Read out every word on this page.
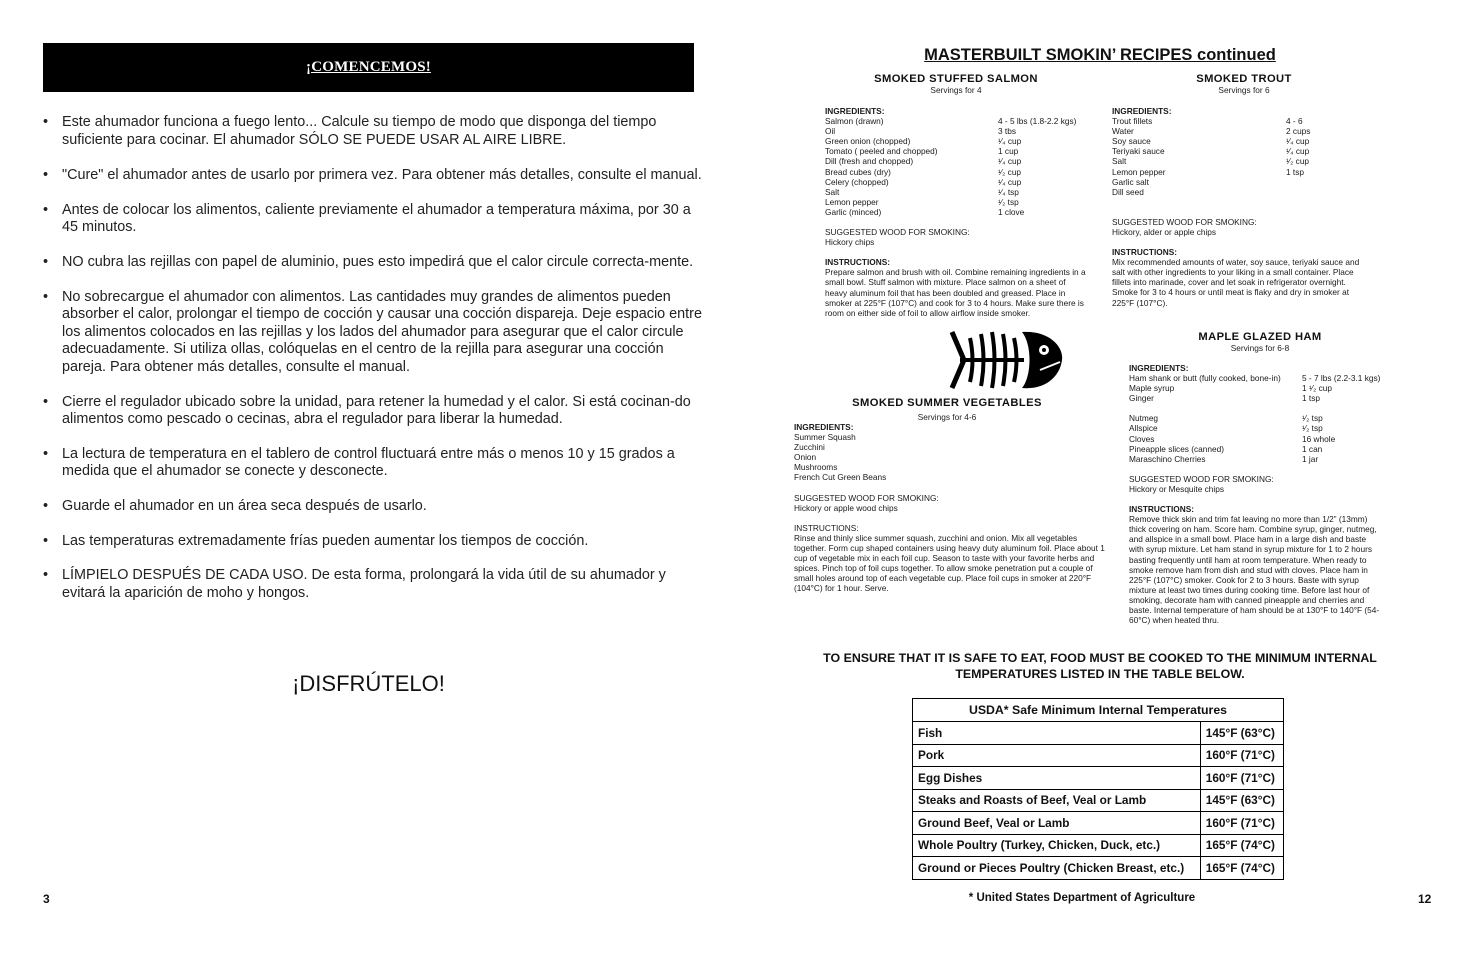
¡COMENCEMOS!
• Este ahumador funciona a fuego lento... Calcule su tiempo de modo que disponga del tiempo suficiente para cocinar. El ahumador SÓLO SE PUEDE USAR AL AIRE LIBRE.
• "Cure" el ahumador antes de usarlo por primera vez. Para obtener más detalles, consulte el manual.
• Antes de colocar los alimentos, caliente previamente el ahumador a temperatura máxima, por 30 a 45 minutos.
• NO cubra las rejillas con papel de aluminio, pues esto impedirá que el calor circule correcta-mente.
• No sobrecargue el ahumador con alimentos. Las cantidades muy grandes de alimentos pueden absorber el calor, prolongar el tiempo de cocción y causar una cocción dispareja. Deje espacio entre los alimentos colocados en las rejillas y los lados del ahumador para asegurar que el calor circule adecuadamente. Si utiliza ollas, colóquelas en el centro de la rejilla para asegurar una cocción pareja. Para obtener más detalles, consulte el manual.
• Cierre el regulador ubicado sobre la unidad, para retener la humedad y el calor. Si está cocinan-do alimentos como pescado o cecinas, abra el regulador para liberar la humedad.
• La lectura de temperatura en el tablero de control fluctuará entre más o menos 10 y 15 grados a medida que el ahumador se conecte y desconecte.
• Guarde el ahumador en un área seca después de usarlo.
• Las temperaturas extremadamente frías pueden aumentar los tiempos de cocción.
• LÍMPIELO DESPUÉS DE CADA USO. De esta forma, prolongará la vida útil de su ahumador y evitará la aparición de moho y hongos.
¡DISFRÚTELO!
3
MASTERBUILT SMOKIN’ RECIPES continued
SMOKED STUFFED SALMON
Servings for 4
INGREDIENTS:
Salmon (drawn)	4 - 5 lbs (1.8-2.2 kgs)
Oil	3 tbs
Green onion (chopped)	¹⁄₄ cup
Tomato ( peeled and chopped)	1 cup
Dill (fresh and chopped)	¹⁄₄ cup
Bread cubes (dry)	¹⁄₂ cup
Celery (chopped)	¹⁄₄ cup
Salt	¹⁄₄ tsp
Lemon pepper	¹⁄₂ tsp
Garlic (minced)	1 clove
SUGGESTED WOOD FOR SMOKING:
Hickory chips
INSTRUCTIONS:
Prepare salmon and brush with oil. Combine remaining ingredients in a small bowl. Stuff salmon with mixture. Place salmon on a sheet of heavy aluminum foil that has been doubled and greased. Place in smoker at 225°F (107°C) and cook for 3 to 4 hours. Make sure there is room on either side of foil to allow airflow inside smoker.
SMOKED TROUT
Servings for 6
INGREDIENTS:
Trout fillets	4 - 6
Water	2 cups
Soy sauce	¹⁄₄ cup
Teriyaki sauce	¹⁄₄ cup
Salt	¹⁄₂ cup
Lemon pepper	1 tsp
Garlic salt
Dill seed
SUGGESTED WOOD FOR SMOKING:
Hickory, alder or apple chips
INSTRUCTIONS:
Mix recommended amounts of water, soy sauce, teriyaki sauce and salt with other ingredients to your liking in a small container. Place fillets into marinade, cover and let soak in refrigerator overnight. Smoke for 3 to 4 hours or until meat is flaky and dry in smoker at 225°F (107°C).
SMOKED SUMMER VEGETABLES
Servings for 4-6
INGREDIENTS:
Summer Squash
Zucchini
Onion
Mushrooms
French Cut Green Beans
SUGGESTED WOOD FOR SMOKING:
Hickory or apple wood chips
INSTRUCTIONS:
Rinse and thinly slice summer squash, zucchini and onion. Mix all vegetables together. Form cup shaped containers using heavy duty aluminum foil. Place about 1 cup of vegetable mix in each foil cup. Season to taste with your favorite herbs and spices. Pinch top of foil cups together. To allow smoke penetration put a couple of small holes around top of each vegetable cup. Place foil cups in smoker at 220°F (104°C) for 1 hour. Serve.
MAPLE GLAZED HAM
Servings for 6-8
INGREDIENTS:
Ham shank or butt (fully cooked, bone-in)	5 - 7 lbs (2.2-3.1 kgs)
Maple syrup	1 ¹⁄₂ cup
Ginger	1 tsp
Nutmeg	¹⁄₂ tsp
Allspice	¹⁄₂ tsp
Cloves	16 whole
Pineapple slices (canned)	1 can
Maraschino Cherries	1 jar
SUGGESTED WOOD FOR SMOKING:
Hickory or Mesquite chips
INSTRUCTIONS:
Remove thick skin and trim fat leaving no more than 1/2” (13mm) thick covering on ham. Score ham. Combine syrup, ginger, nutmeg, and allspice in a small bowl. Place ham in a large dish and baste with syrup mixture. Let ham stand in syrup mixture for 1 to 2 hours basting frequently until ham at room temperature. When ready to smoke remove ham from dish and stud with cloves. Place ham in 225°F (107°C) smoker. Cook for 2 to 3 hours. Baste with syrup mixture at least two times during cooking time. Before last hour of smoking, decorate ham with canned pineapple and cherries and baste. Internal temperature of ham should be at 130°F to 140°F (54-60°C) when heated thru.
TO ENSURE THAT IT IS SAFE TO EAT, FOOD MUST BE COOKED TO THE MINIMUM INTERNAL
TEMPERATURES LISTED IN THE TABLE BELOW.
USDA* Safe Minimum Internal Temperatures	
Fish	145°F (63°C)
Pork	160°F (71°C)
Egg Dishes	160°F (71°C)
Steaks and Roasts of Beef, Veal or Lamb	145°F (63°C)
Ground Beef, Veal or Lamb	160°F (71°C)
Whole Poultry (Turkey, Chicken, Duck, etc.)	165°F (74°C)
Ground or Pieces Poultry (Chicken Breast, etc.)	165°F (74°C)
* United States Department of Agriculture	12
